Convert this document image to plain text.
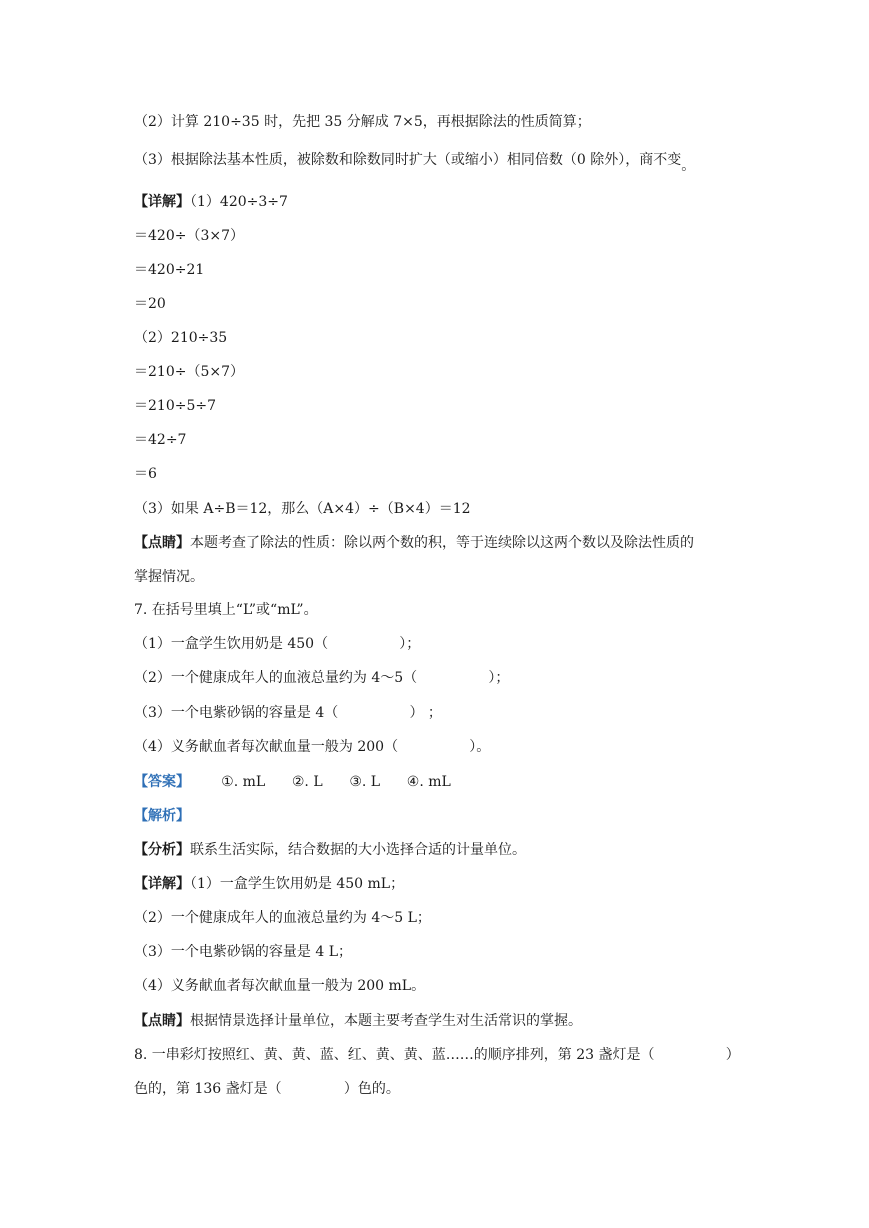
（2）计算 210÷35 时，先把 35 分解成 7×5，再根据除法的性质简算；
（3）根据除法基本性质，被除数和除数同时扩大（或缩小）相同倍数（0 除外），商不变。
【详解】（1）420÷3÷7
＝420÷（3×7）
＝420÷21
＝20
（2）210÷35
＝210÷（5×7）
＝210÷5÷7
＝42÷7
＝6
（3）如果 A÷B＝12，那么（A×4）÷（B×4）＝12
【点睛】本题考查了除法的性质：除以两个数的积，等于连续除以这两个数以及除法性质的
掌握情况。
7. 在括号里填上“L”或“mL”。
（1）一盒学生饮用奶是 450（                ）；
（2）一个健康成年人的血液总量约为 4～5（                ）；
（3）一个电紫砂锅的容量是 4（                ） ；
（4）义务献血者每次献血量一般为 200（                ）。
【答案】       ①. mL      ②. L      ③. L      ④. mL
【解析】
【分析】联系生活实际，结合数据的大小选择合适的计量单位。
【详解】（1）一盒学生饮用奶是 450 mL；
（2）一个健康成年人的血液总量约为 4～5 L；
（3）一个电紫砂锅的容量是 4 L；
（4）义务献血者每次献血量一般为 200 mL。
【点睛】根据情景选择计量单位，本题主要考查学生对生活常识的掌握。
8. 一串彩灯按照红、黄、黄、蓝、红、黄、黄、蓝……的顺序排列，第 23 盏灯是（                ）
色的，第 136 盏灯是（              ）色的。
